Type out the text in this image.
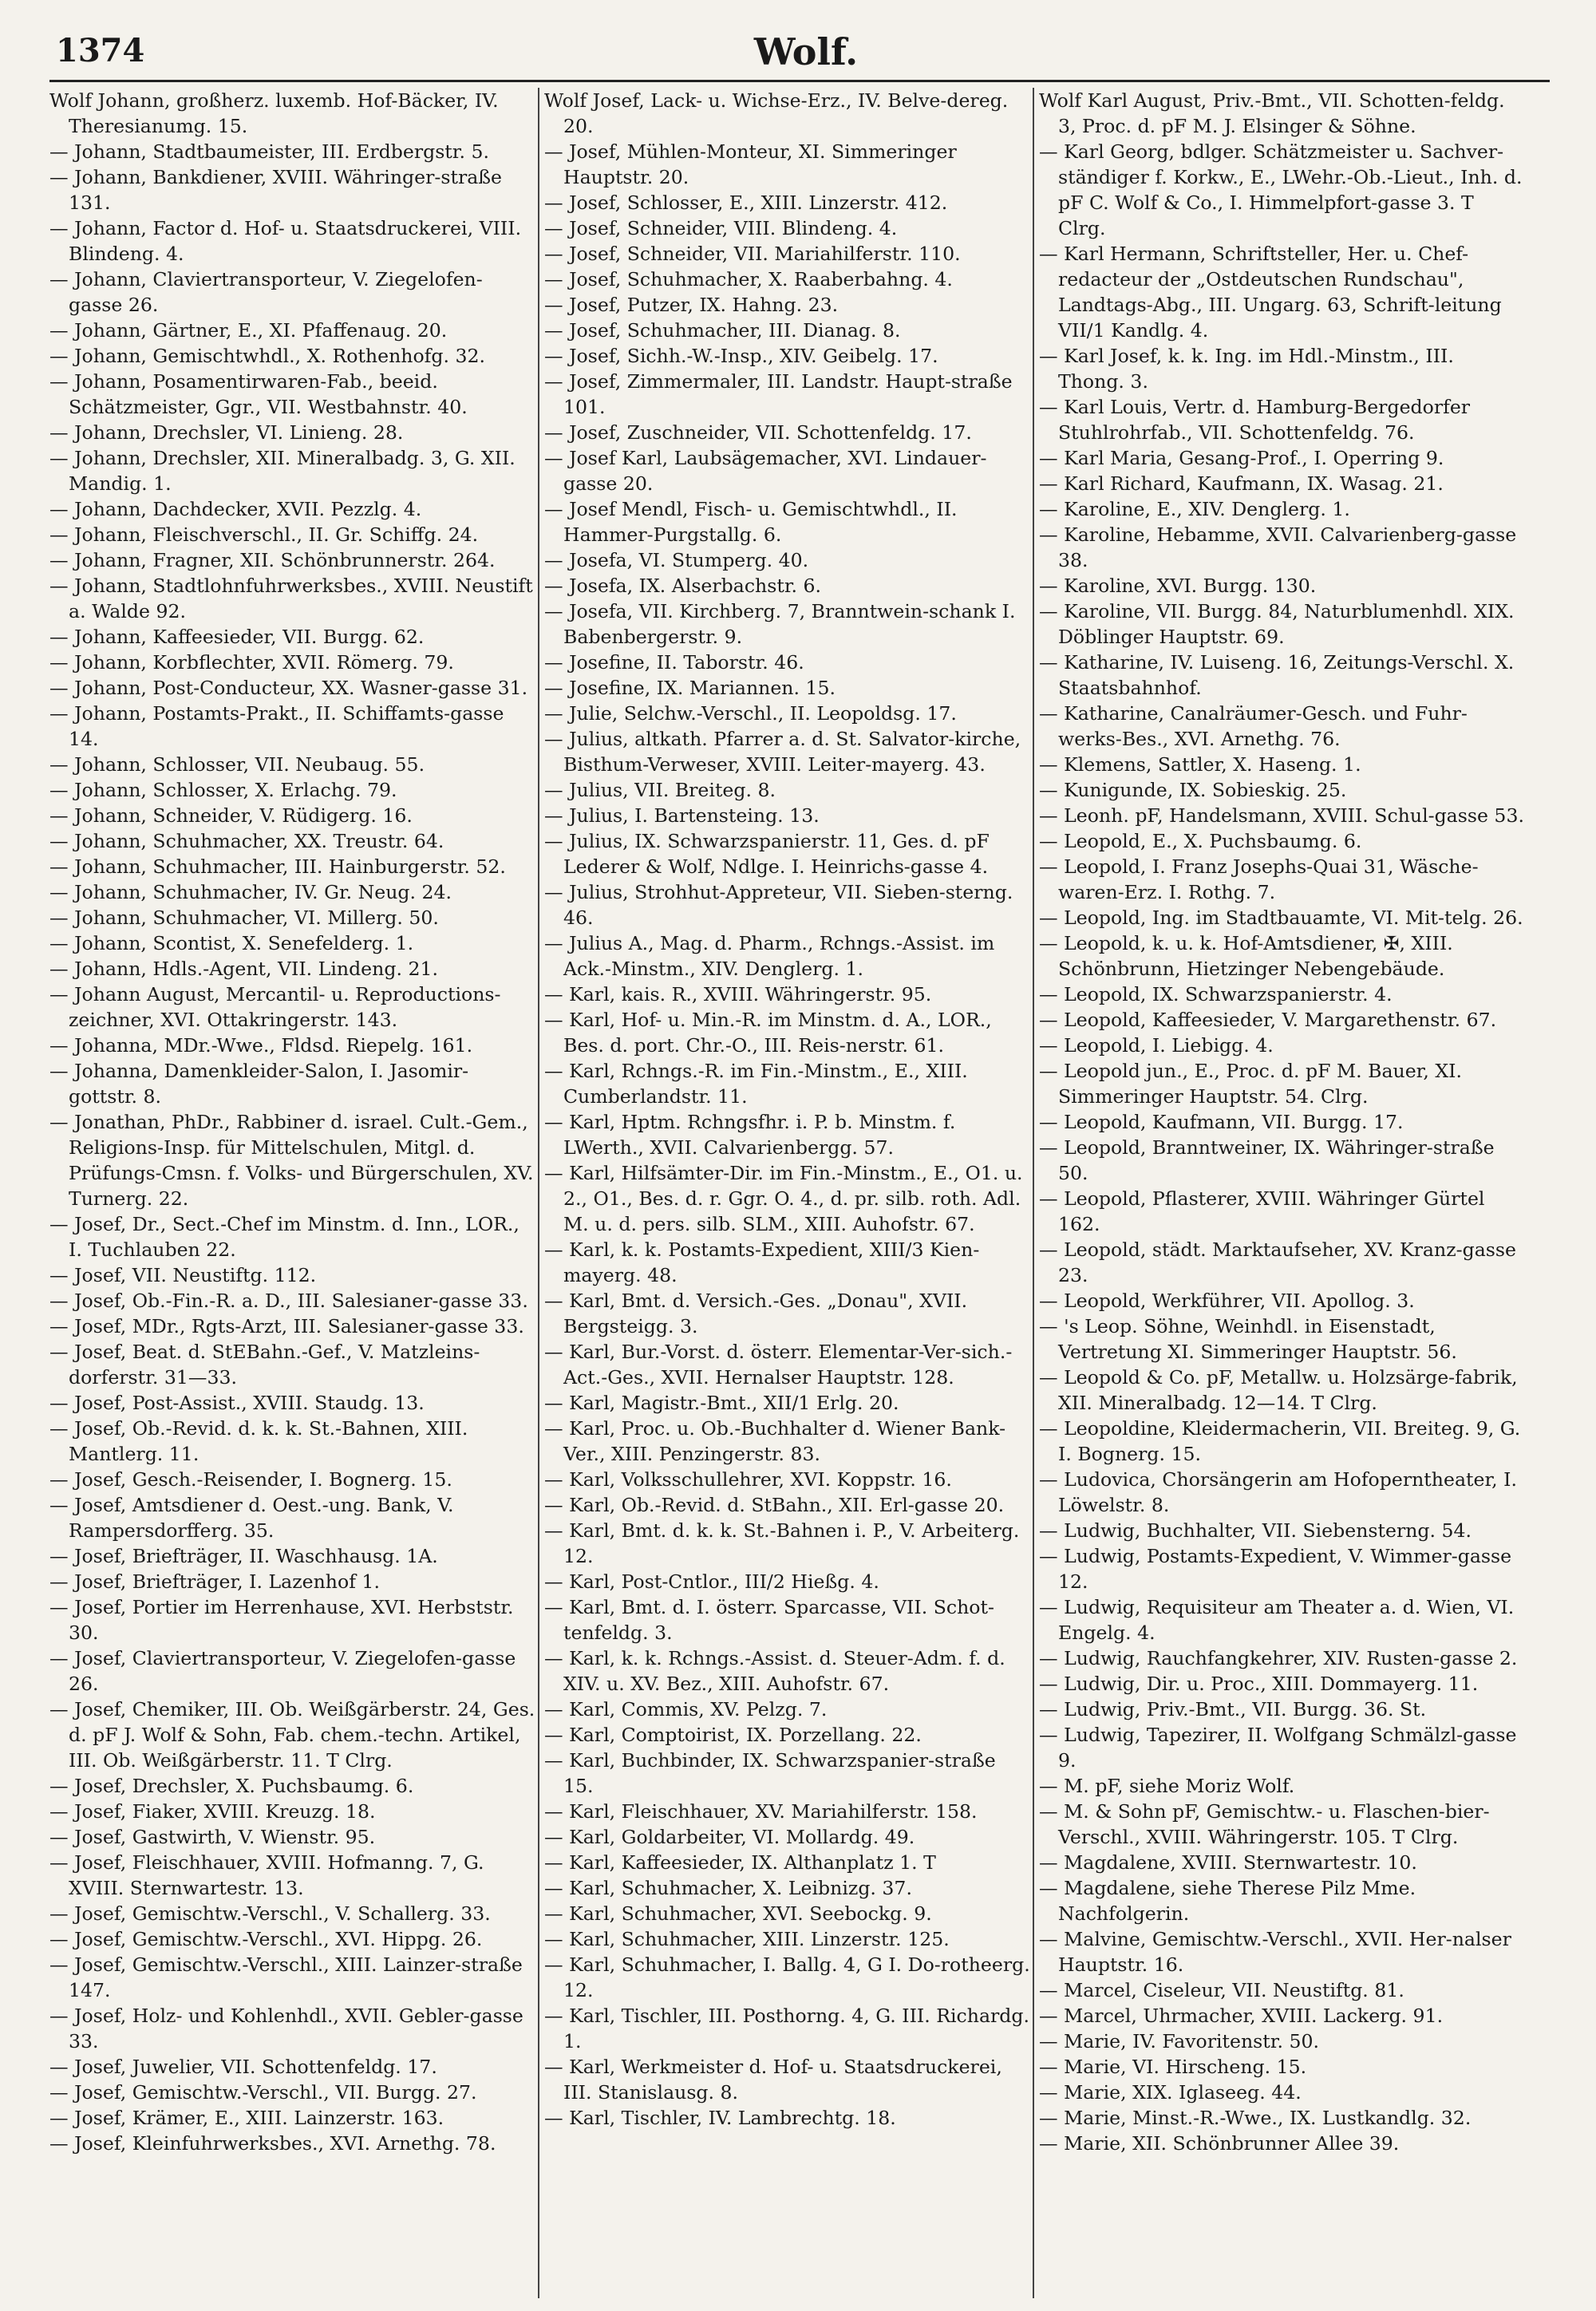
1374	Wolf.

Wolf Johann, großherz. luxemb. Hof-Bäcker, IV. Theresianumg. 15.

— Johann, Stadtbaumeister, III. Erdbergstr. 5.

— Johann, Bankdiener, XVIII. Währinger-straße 131.

— Johann, Factor d. Hof- u. Staatsdruckerei, VIII. Blindeng. 4.

— Johann, Claviertransporteur, V. Ziegelofen-gasse 26.

— Johann, Gärtner, E., XI. Pfaffenaug. 20.

— Johann, Gemischtwhdl., X. Rothenhofg. 32.

— Johann, Posamentirwaren-Fab., beeid. Schätzmeister, Ggr., VII. Westbahnstr. 40.

— Johann, Drechsler, VI. Linieng. 28.

— Johann, Drechsler, XII. Mineralbadg. 3, G. XII. Mandig. 1.

— Johann, Dachdecker, XVII. Pezzlg. 4.

— Johann, Fleischverschl., II. Gr. Schiffg. 24.

— Johann, Fragner, XII. Schönbrunnerstr. 264.

— Johann, Stadtlohnfuhrwerksbes., XVIII. Neustift a. Walde 92.

— Johann, Kaffeesieder, VII. Burgg. 62.

— Johann, Korbflechter, XVII. Römerg. 79.

— Johann, Post-Conducteur, XX. Wasner-gasse 31.

— Johann, Postamts-Prakt., II. Schiffamts-gasse 14.

— Johann, Schlosser, VII. Neubaug. 55.

— Johann, Schlosser, X. Erlachg. 79.

— Johann, Schneider, V. Rüdigerg. 16.

— Johann, Schuhmacher, XX. Treustr. 64.

— Johann, Schuhmacher, III. Hainburgerstr. 52.

— Johann, Schuhmacher, IV. Gr. Neug. 24.

— Johann, Schuhmacher, VI. Millerg. 50.

— Johann, Scontist, X. Senefelderg. 1.

— Johann, Hdls.-Agent, VII. Lindeng. 21.

— Johann August, Mercantil- u. Reproductions-zeichner, XVI. Ottakringerstr. 143.

— Johanna, MDr.-Wwe., Fldsd. Riepelg. 161.

— Johanna, Damenkleider-Salon, I. Jasomir-gottstr. 8.

— Jonathan, PhDr., Rabbiner d. israel. Cult.-Gem., Religions-Insp. für Mittelschulen, Mitgl. d. Prüfungs-Cmsn. f. Volks- und Bürgerschulen, XV. Turnerg. 22.

— Josef, Dr., Sect.-Chef im Minstm. d. Inn., LOR., I. Tuchlauben 22.

— Josef, VII. Neustiftg. 112.

— Josef, Ob.-Fin.-R. a. D., III. Salesianer-gasse 33.

— Josef, MDr., Rgts-Arzt, III. Salesianer-gasse 33.

— Josef, Beat. d. StEBahn.-Gef., V. Matzleins-dorferstr. 31—33.

— Josef, Post-Assist., XVIII. Staudg. 13.

— Josef, Ob.-Revid. d. k. k. St.-Bahnen, XIII. Mantlerg. 11.

— Josef, Gesch.-Reisender, I. Bognerg. 15.

— Josef, Amtsdiener d. Oest.-ung. Bank, V. Rampersdorfferg. 35.

— Josef, Briefträger, II. Waschhausg. 1A.

— Josef, Briefträger, I. Lazenhof 1.

— Josef, Portier im Herrenhause, XVI. Herbststr. 30.

— Josef, Claviertransporteur, V. Ziegelofen-gasse 26.

— Josef, Chemiker, III. Ob. Weißgärberstr. 24, Ges. d. pF J. Wolf & Sohn, Fab. chem.-techn. Artikel, III. Ob. Weißgärberstr. 11. T Clrg.

— Josef, Drechsler, X. Puchsbaumg. 6.

— Josef, Fiaker, XVIII. Kreuzg. 18.

— Josef, Gastwirth, V. Wienstr. 95.

— Josef, Fleischhauer, XVIII. Hofmanng. 7, G. XVIII. Sternwartestr. 13.

— Josef, Gemischtw.-Verschl., V. Schallerg. 33.

— Josef, Gemischtw.-Verschl., XVI. Hippg. 26.

— Josef, Gemischtw.-Verschl., XIII. Lainzer-straße 147.

— Josef, Holz- und Kohlenhdl., XVII. Gebler-gasse 33.

— Josef, Juwelier, VII. Schottenfeldg. 17.

— Josef, Gemischtw.-Verschl., VII. Burgg. 27.

— Josef, Krämer, E., XIII. Lainzerstr. 163.

— Josef, Kleinfuhrwerksbes., XVI. Arnethg. 78.

Wolf Josef, Lack- u. Wichse-Erz., IV. Belve-dereg. 20.

— Josef, Mühlen-Monteur, XI. Simmeringer Hauptstr. 20.

— Josef, Schlosser, E., XIII. Linzerstr. 412.

— Josef, Schneider, VIII. Blindeng. 4.

— Josef, Schneider, VII. Mariahilferstr. 110.

— Josef, Schuhmacher, X. Raaberbahng. 4.

— Josef, Putzer, IX. Hahng. 23.

— Josef, Schuhmacher, III. Dianag. 8.

— Josef, Sichh.-W.-Insp., XIV. Geibelg. 17.

— Josef, Zimmermaler, III. Landstr. Haupt-straße 101.

— Josef, Zuschneider, VII. Schottenfeldg. 17.

— Josef Karl, Laubsägemacher, XVI. Lindauer-gasse 20.

— Josef Mendl, Fisch- u. Gemischtwhdl., II. Hammer-Purgstallg. 6.

— Josefa, VI. Stumperg. 40.

— Josefa, IX. Alserbachstr. 6.

— Josefa, VII. Kirchberg. 7, Branntwein-schank I. Babenbergerstr. 9.

— Josefine, II. Taborstr. 46.

— Josefine, IX. Mariannen. 15.

— Julie, Selchw.-Verschl., II. Leopoldsg. 17.

— Julius, altkath. Pfarrer a. d. St. Salvator-kirche, Bisthum-Verweser, XVIII. Leiter-mayerg. 43.

— Julius, VII. Breiteg. 8.

— Julius, I. Bartensteing. 13.

— Julius, IX. Schwarzspanierstr. 11, Ges. d. pF Lederer & Wolf, Ndlge. I. Heinrichs-gasse 4.

— Julius, Strohhut-Appreteur, VII. Sieben-sterng. 46.

— Julius A., Mag. d. Pharm., Rchngs.-Assist. im Ack.-Minstm., XIV. Denglerg. 1.

— Karl, kais. R., XVIII. Währingerstr. 95.

— Karl, Hof- u. Min.-R. im Minstm. d. A., LOR., Bes. d. port. Chr.-O., III. Reis-nerstr. 61.

— Karl, Rchngs.-R. im Fin.-Minstm., E., XIII. Cumberlandstr. 11.

— Karl, Hptm. Rchngsfhr. i. P. b. Minstm. f. LWerth., XVII. Calvarienbergg. 57.

— Karl, Hilfsämter-Dir. im Fin.-Minstm., E., O1. u. 2., O1., Bes. d. r. Ggr. O. 4., d. pr. silb. roth. Adl. M. u. d. pers. silb. SLM., XIII. Auhofstr. 67.

— Karl, k. k. Postamts-Expedient, XIII/3 Kien-mayerg. 48.

— Karl, Bmt. d. Versich.-Ges. „Donau", XVII. Bergsteigg. 3.

— Karl, Bur.-Vorst. d. österr. Elementar-Ver-sich.-Act.-Ges., XVII. Hernalser Hauptstr. 128.

— Karl, Magistr.-Bmt., XII/1 Erlg. 20.

— Karl, Proc. u. Ob.-Buchhalter d. Wiener Bank-Ver., XIII. Penzingerstr. 83.

— Karl, Volksschullehrer, XVI. Koppstr. 16.

— Karl, Ob.-Revid. d. StBahn., XII. Erl-gasse 20.

— Karl, Bmt. d. k. k. St.-Bahnen i. P., V. Arbeiterg. 12.

— Karl, Post-Cntlor., III/2 Hießg. 4.

— Karl, Bmt. d. I. österr. Sparcasse, VII. Schot-tenfeldg. 3.

— Karl, k. k. Rchngs.-Assist. d. Steuer-Adm. f. d. XIV. u. XV. Bez., XIII. Auhofstr. 67.

— Karl, Commis, XV. Pelzg. 7.

— Karl, Comptoirist, IX. Porzellang. 22.

— Karl, Buchbinder, IX. Schwarzspanier-straße 15.

— Karl, Fleischhauer, XV. Mariahilferstr. 158.

— Karl, Goldarbeiter, VI. Mollardg. 49.

— Karl, Kaffeesieder, IX. Althanplatz 1. T

— Karl, Schuhmacher, X. Leibnizg. 37.

— Karl, Schuhmacher, XVI. Seebockg. 9.

— Karl, Schuhmacher, XIII. Linzerstr. 125.

— Karl, Schuhmacher, I. Ballg. 4, G I. Do-rotheerg. 12.

— Karl, Tischler, III. Posthorng. 4, G. III. Richardg. 1.

— Karl, Werkmeister d. Hof- u. Staatsdruckerei, III. Stanislausg. 8.

— Karl, Tischler, IV. Lambrechtg. 18.

Wolf Karl August, Priv.-Bmt., VII. Schotten-feldg. 3, Proc. d. pF M. J. Elsinger & Söhne.

— Karl Georg, bdlger. Schätzmeister u. Sachver-ständiger f. Korkw., E., LWehr.-Ob.-Lieut., Inh. d. pF C. Wolf & Co., I. Himmelpfort-gasse 3. T Clrg.

— Karl Hermann, Schriftsteller, Her. u. Chef-redacteur der „Ostdeutschen Rundschau", Landtags-Abg., III. Ungarg. 63, Schrift-leitung VII/1 Kandlg. 4.

— Karl Josef, k. k. Ing. im Hdl.-Minstm., III. Thong. 3.

— Karl Louis, Vertr. d. Hamburg-Bergedorfer Stuhlrohrfab., VII. Schottenfeldg. 76.

— Karl Maria, Gesang-Prof., I. Operring 9.

— Karl Richard, Kaufmann, IX. Wasag. 21.

— Karoline, E., XIV. Denglerg. 1.

— Karoline, Hebamme, XVII. Calvarienberg-gasse 38.

— Karoline, XVI. Burgg. 130.

— Karoline, VII. Burgg. 84, Naturblumenhdl. XIX. Döblinger Hauptstr. 69.

— Katharine, IV. Luiseng. 16, Zeitungs-Verschl. X. Staatsbahnhof.

— Katharine, Canalräumer-Gesch. und Fuhr-werks-Bes., XVI. Arnethg. 76.

— Klemens, Sattler, X. Haseng. 1.

— Kunigunde, IX. Sobieskig. 25.

— Leonh. pF, Handelsmann, XVIII. Schul-gasse 53.

— Leopold, E., X. Puchsbaumg. 6.

— Leopold, I. Franz Josephs-Quai 31, Wäsche-waren-Erz. I. Rothg. 7.

— Leopold, Ing. im Stadtbauamte, VI. Mit-telg. 26.

— Leopold, k. u. k. Hof-Amtsdiener, ✠, XIII. Schönbrunn, Hietzinger Nebengebäude.

— Leopold, IX. Schwarzspanierstr. 4.

— Leopold, Kaffeesieder, V. Margarethenstr. 67.

— Leopold, I. Liebigg. 4.

— Leopold jun., E., Proc. d. pF M. Bauer, XI. Simmeringer Hauptstr. 54. Clrg.

— Leopold, Kaufmann, VII. Burgg. 17.

— Leopold, Branntweiner, IX. Währinger-straße 50.

— Leopold, Pflasterer, XVIII. Währinger Gürtel 162.

— Leopold, städt. Marktaufseher, XV. Kranz-gasse 23.

— Leopold, Werkführer, VII. Apollog. 3.

— 's Leop. Söhne, Weinhdl. in Eisenstadt, Vertretung XI. Simmeringer Hauptstr. 56.

— Leopold & Co. pF, Metallw. u. Holzsärge-fabrik, XII. Mineralbadg. 12—14. T Clrg.

— Leopoldine, Kleidermacherin, VII. Breiteg. 9, G. I. Bognerg. 15.

— Ludovica, Chorsängerin am Hofoperntheater, I. Löwelstr. 8.

— Ludwig, Buchhalter, VII. Siebensterng. 54.

— Ludwig, Postamts-Expedient, V. Wimmer-gasse 12.

— Ludwig, Requisiteur am Theater a. d. Wien, VI. Engelg. 4.

— Ludwig, Rauchfangkehrer, XIV. Rusten-gasse 2.

— Ludwig, Dir. u. Proc., XIII. Dommayerg. 11.

— Ludwig, Priv.-Bmt., VII. Burgg. 36. St.

— Ludwig, Tapezirer, II. Wolfgang Schmälzl-gasse 9.

— M. pF, siehe Moriz Wolf.

— M. & Sohn pF, Gemischtw.- u. Flaschen-bier-Verschl., XVIII. Währingerstr. 105. T Clrg.

— Magdalene, XVIII. Sternwartestr. 10.

— Magdalene, siehe Therese Pilz Mme. Nachfolgerin.

— Malvine, Gemischtw.-Verschl., XVII. Her-nalser Hauptstr. 16.

— Marcel, Ciseleur, VII. Neustiftg. 81.

— Marcel, Uhrmacher, XVIII. Lackerg. 91.

— Marie, IV. Favoritenstr. 50.

— Marie, VI. Hirscheng. 15.

— Marie, XIX. Iglaseeg. 44.

— Marie, Minst.-R.-Wwe., IX. Lustkandlg. 32.

— Marie, XII. Schönbrunner Allee 39.
